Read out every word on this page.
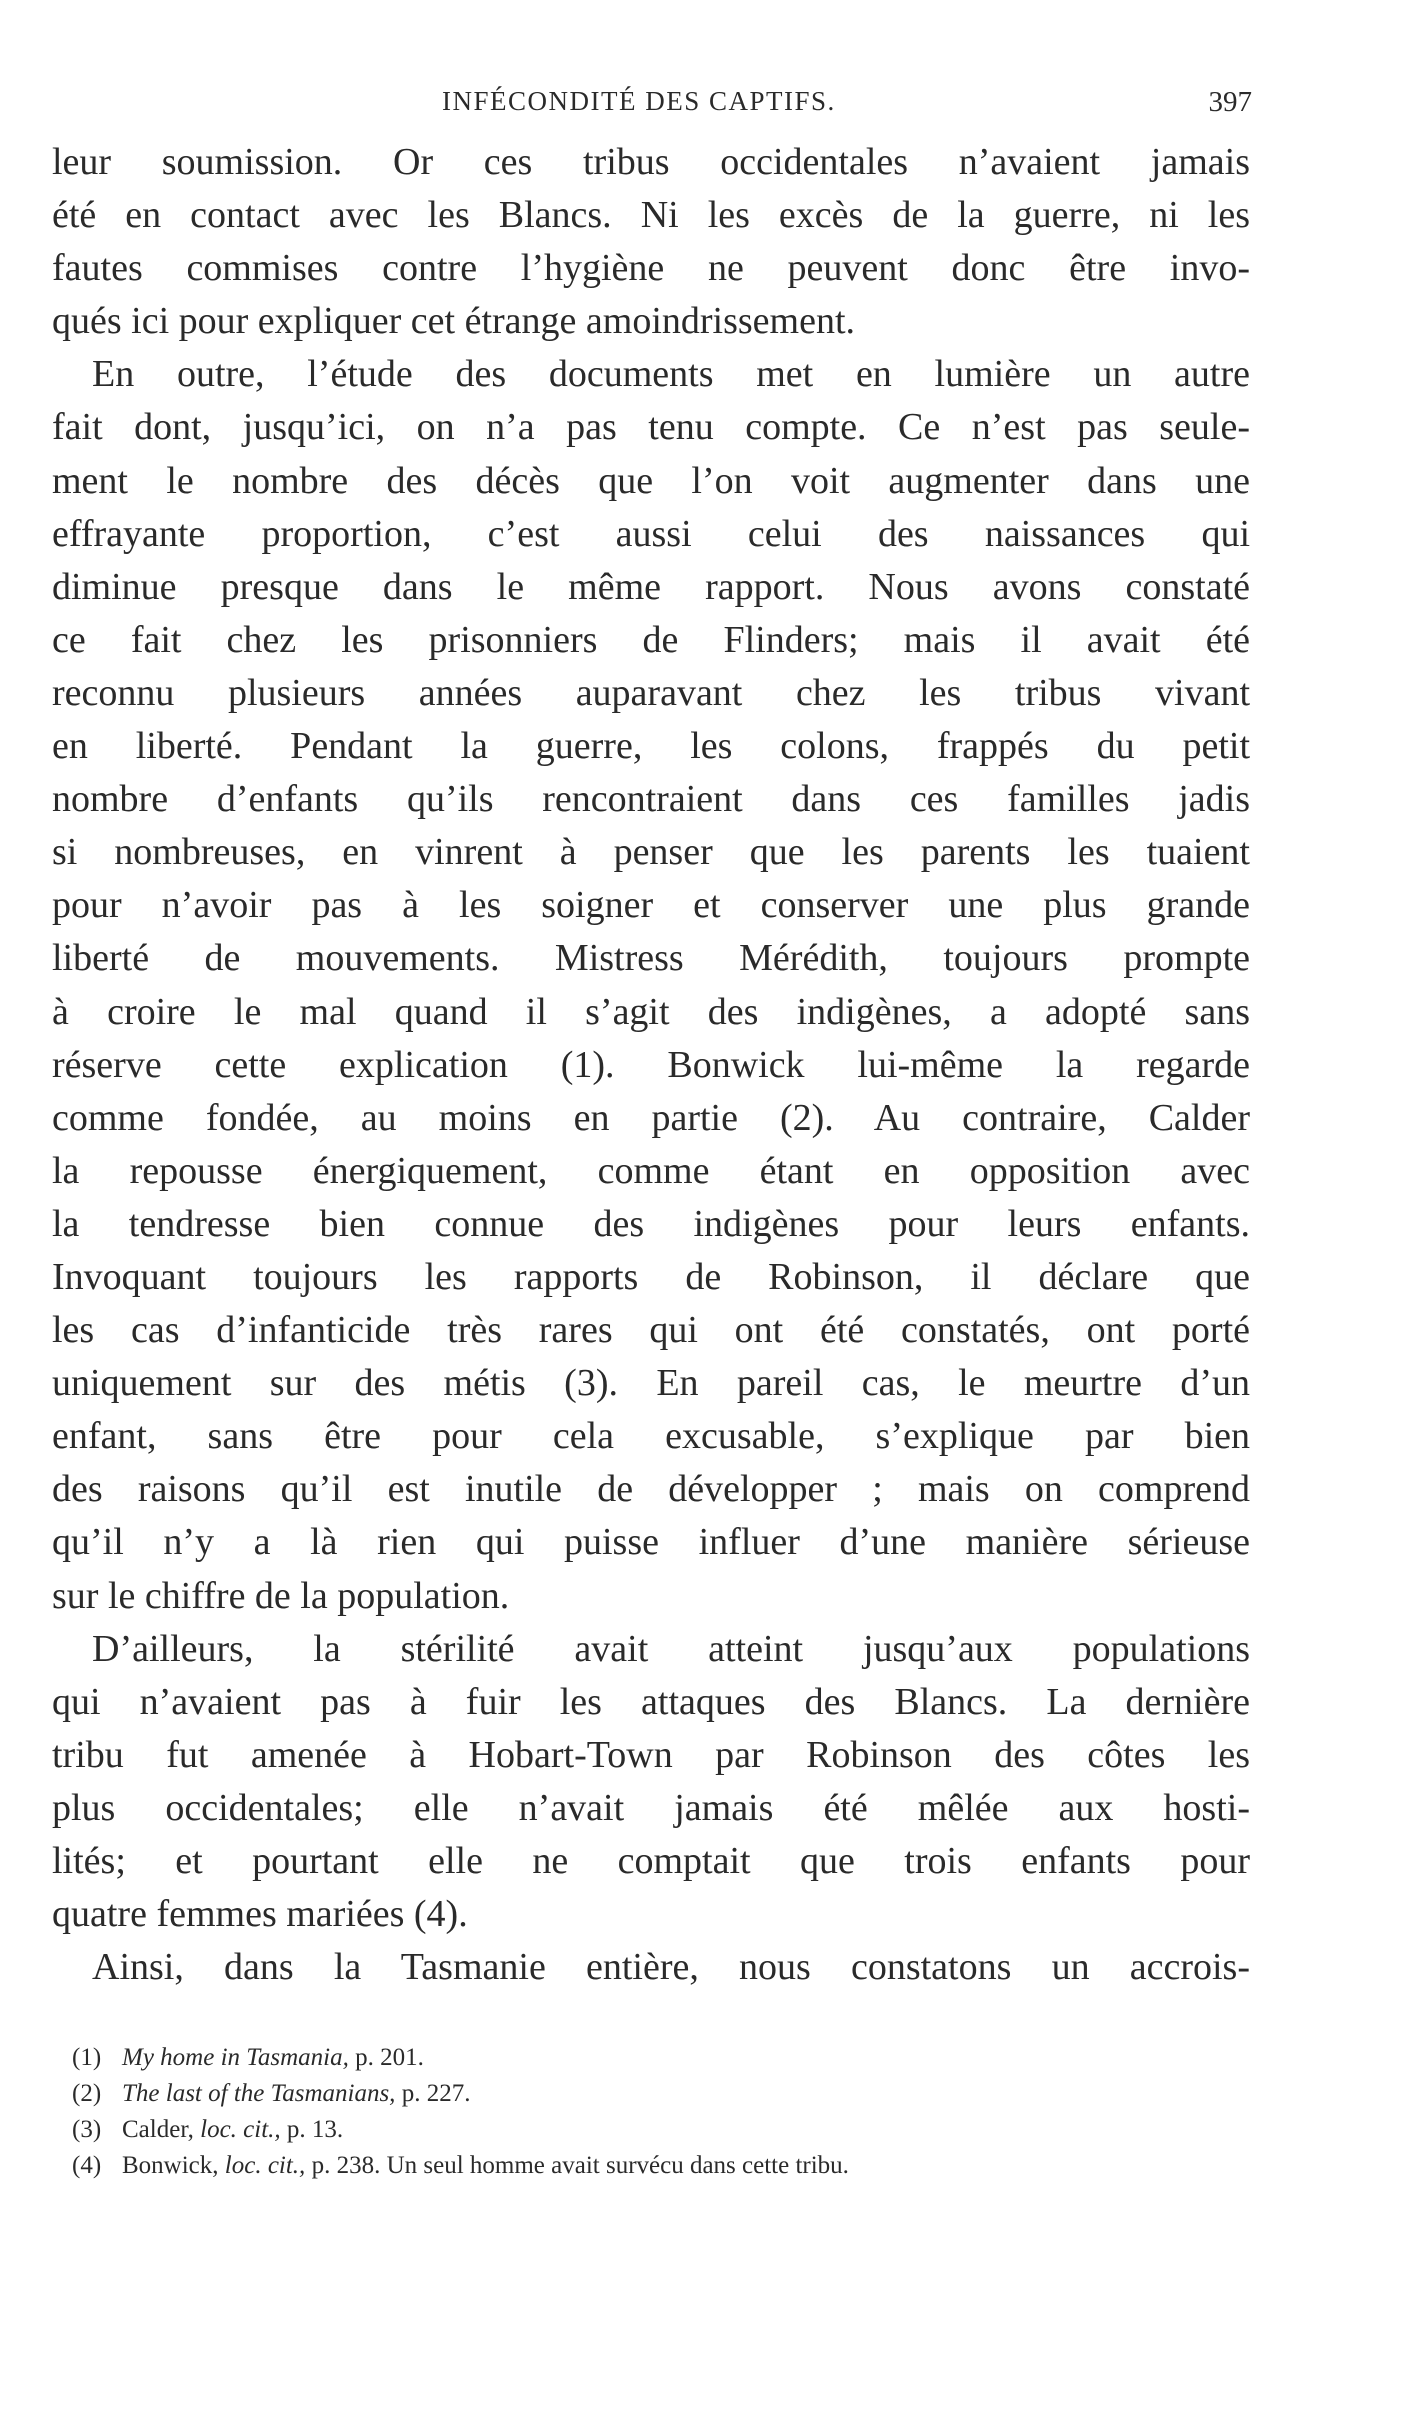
INFÉCONDITÉ DES CAPTIFS.	397
leur soumission. Or ces tribus occidentales n’avaient jamais
été en contact avec les Blancs. Ni les excès de la guerre, ni les
fautes commises contre l’hygiène ne peuvent donc être invo-
qués ici pour expliquer cet étrange amoindrissement.
En outre, l’étude des documents met en lumière un autre
fait dont, jusqu’ici, on n’a pas tenu compte. Ce n’est pas seule-
ment le nombre des décès que l’on voit augmenter dans une
effrayante proportion, c’est aussi celui des naissances qui
diminue presque dans le même rapport. Nous avons constaté
ce fait chez les prisonniers de Flinders; mais il avait été
reconnu plusieurs années auparavant chez les tribus vivant
en liberté. Pendant la guerre, les colons, frappés du petit
nombre d’enfants qu’ils rencontraient dans ces familles jadis
si nombreuses, en vinrent à penser que les parents les tuaient
pour n’avoir pas à les soigner et conserver une plus grande
liberté de mouvements. Mistress Mérédith, toujours prompte
à croire le mal quand il s’agit des indigènes, a adopté sans
réserve cette explication (1). Bonwick lui-même la regarde
comme fondée, au moins en partie (2). Au contraire, Calder
la repousse énergiquement, comme étant en opposition avec
la tendresse bien connue des indigènes pour leurs enfants.
Invoquant toujours les rapports de Robinson, il déclare que
les cas d’infanticide très rares qui ont été constatés, ont porté
uniquement sur des métis (3). En pareil cas, le meurtre d’un
enfant, sans être pour cela excusable, s’explique par bien
des raisons qu’il est inutile de développer ; mais on comprend
qu’il n’y a là rien qui puisse influer d’une manière sérieuse
sur le chiffre de la population.
D’ailleurs, la stérilité avait atteint jusqu’aux populations
qui n’avaient pas à fuir les attaques des Blancs. La dernière
tribu fut amenée à Hobart-Town par Robinson des côtes les
plus occidentales; elle n’avait jamais été mêlée aux hosti-
lités; et pourtant elle ne comptait que trois enfants pour
quatre femmes mariées (4).
Ainsi, dans la Tasmanie entière, nous constatons un accrois-
(1) My home in Tasmania, p. 201.
(2) The last of the Tasmanians, p. 227.
(3) Calder, loc. cit., p. 13.
(4) Bonwick, loc. cit., p. 238. Un seul homme avait survécu dans cette tribu.
